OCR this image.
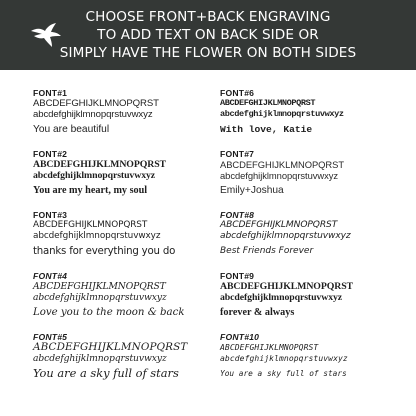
CHOOSE FRONT+BACK ENGRAVING
TO ADD TEXT ON BACK SIDE OR
SIMPLY HAVE THE FLOWER ON BOTH SIDES
FONT#1
ABCDEFGHIJKLMNOPQRST
abcdefghijklmnopqrstuvwxyz
You are beautiful
FONT#2
ABCDEFGHIJKLMNOPQRST
abcdefghijklmnopqrstuvwxyz
You are my heart, my soul
FONT#3
ABCDEFGHIJKLMNOPQRST
abcdefghijklmnopqrstuvwxyz
thanks for everything you do
FONT#4
ABCDEFGHIJKLMNOPQRST
abcdefghijklmnopqrstuvwxyz
Love you to the moon & back
FONT#5
ABCDEFGHIJKLMNOPQRST
abcdefghijklmnopqrstuvwxyz
You are a sky full of stars
FONT#6
ABCDEFGHIJKLMNOPQRST
abcdefghijklmnopqrstuvwxyz
With love, Katie
FONT#7
ABCDEFGHIJKLMNOPQRST
abcdefghijklmnopqrstuvwxyz
Emily+Joshua
FONT#8
ABCDEFGHIJKLMNOPQRST
abcdefghijklmnopqrstuvwxyz
Best Friends Forever
FONT#9
ABCDEFGHIJKLMNOPQRST
abcdefghijklmnopqrstuvwxyz
forever & always
FONT#10
ABCDEFGHIJKLMNOPQRST
abcdefghijklmnopqrstuvwxyz
You are a sky full of stars
